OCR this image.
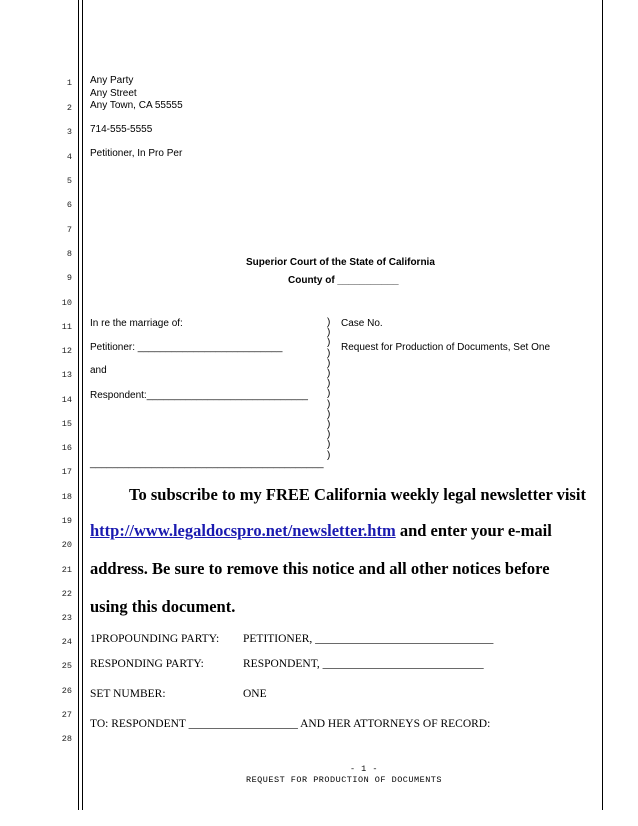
1
2
3
4
5
6
7
8
9
10
11
12
13
14
15
16
17
18
19
20
21
22
23
24
25
26
27
28
Any Party
Any Street
Any Town, CA 55555
714-555-5555
Petitioner, In Pro Per
Superior Court of the State of California
County of ___________
In re the marriage of:
Petitioner: __________________________
and
Respondent:_____________________________
__________________________________________
)
)
)
)
)
)
)
)
)
)
)
)
)
)
Case No.
Request for Production of Documents, Set One
To subscribe to my FREE California weekly legal newsletter visit
http://www.legaldocspro.net/newsletter.htm and enter your e-mail
address. Be sure to remove this notice and all other notices before
using this document.
1PROPOUNDING PARTY: PETITIONER, _______________________________
RESPONDING PARTY:	RESPONDENT, ____________________________
SET NUMBER:	ONE
TO: RESPONDENT ___________________ AND HER ATTORNEYS OF RECORD:
- 1 -
REQUEST FOR PRODUCTION OF DOCUMENTS
